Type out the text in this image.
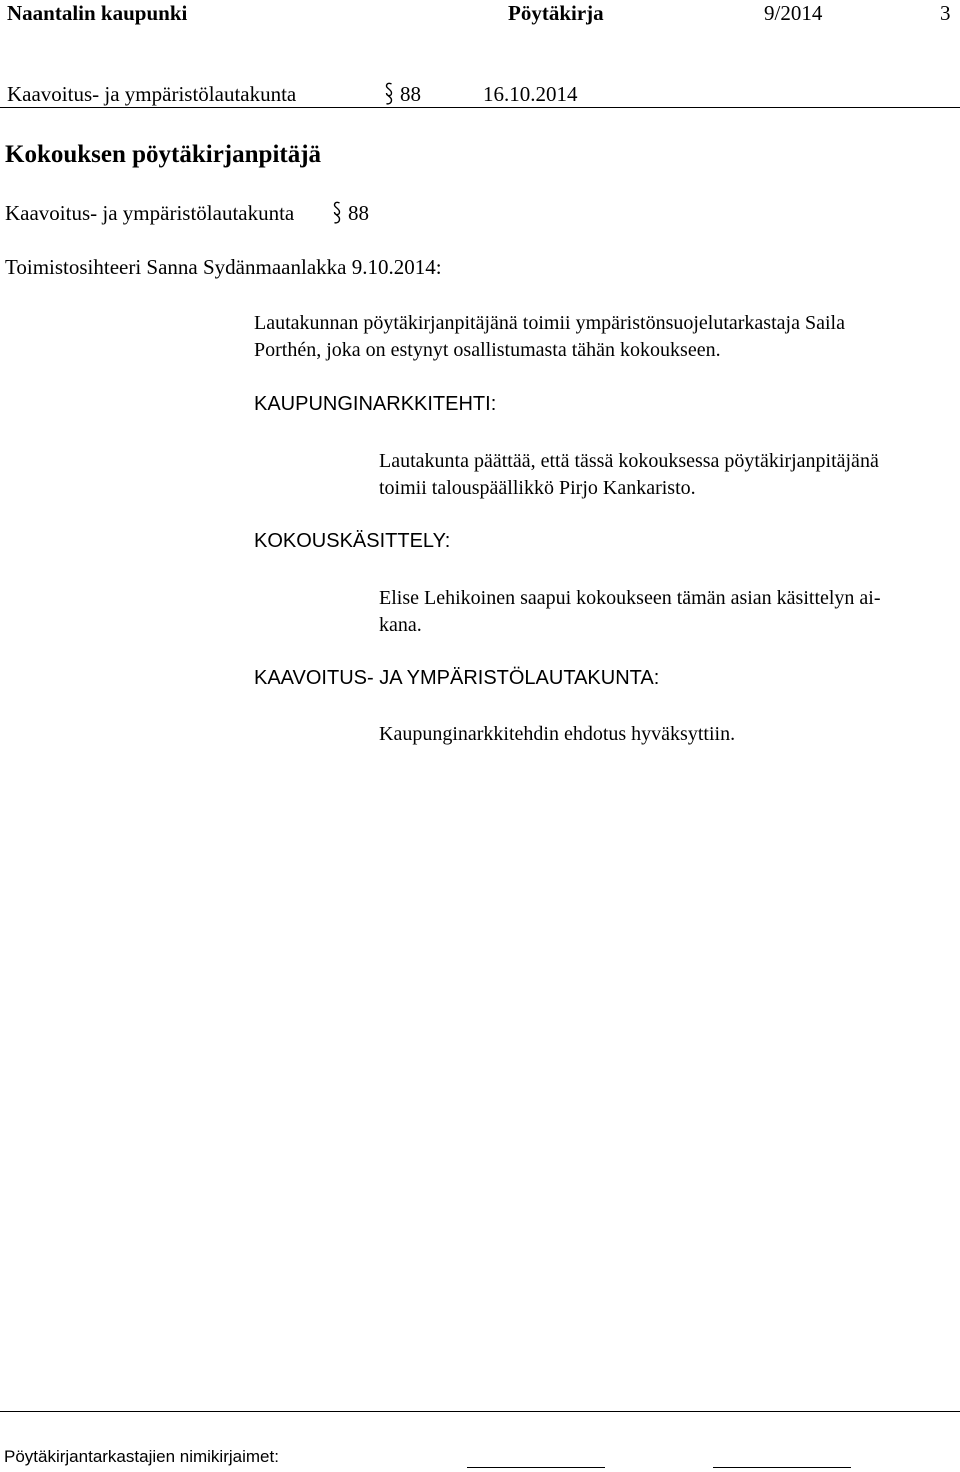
Naantalin kaupunki	Pöytäkirja	9/2014	3
Kaavoitus- ja ympäristölautakunta	88	16.10.2014
Kokouksen pöytäkirjanpitäjä
Kaavoitus- ja ympäristölautakunta	88
Toimistosihteeri Sanna Sydänmaanlakka 9.10.2014:
Lautakunnan pöytäkirjanpitäjänä toimii ympäristönsuojelutarkastaja Saila
Porthén, joka on estynyt osallistumasta tähän kokoukseen.
KAUPUNGINARKKITEHTI:
Lautakunta päättää, että tässä kokouksessa pöytäkirjanpitäjänä
toimii talouspäällikkö Pirjo Kankaristo.
KOKOUSKÄSITTELY:
Elise Lehikoinen saapui kokoukseen tämän asian käsittelyn ai-
kana.
KAAVOITUS- JA YMPÄRISTÖLAUTAKUNTA:
Kaupunginarkkitehdin ehdotus hyväksyttiin.
Pöytäkirjantarkastajien nimikirjaimet:
